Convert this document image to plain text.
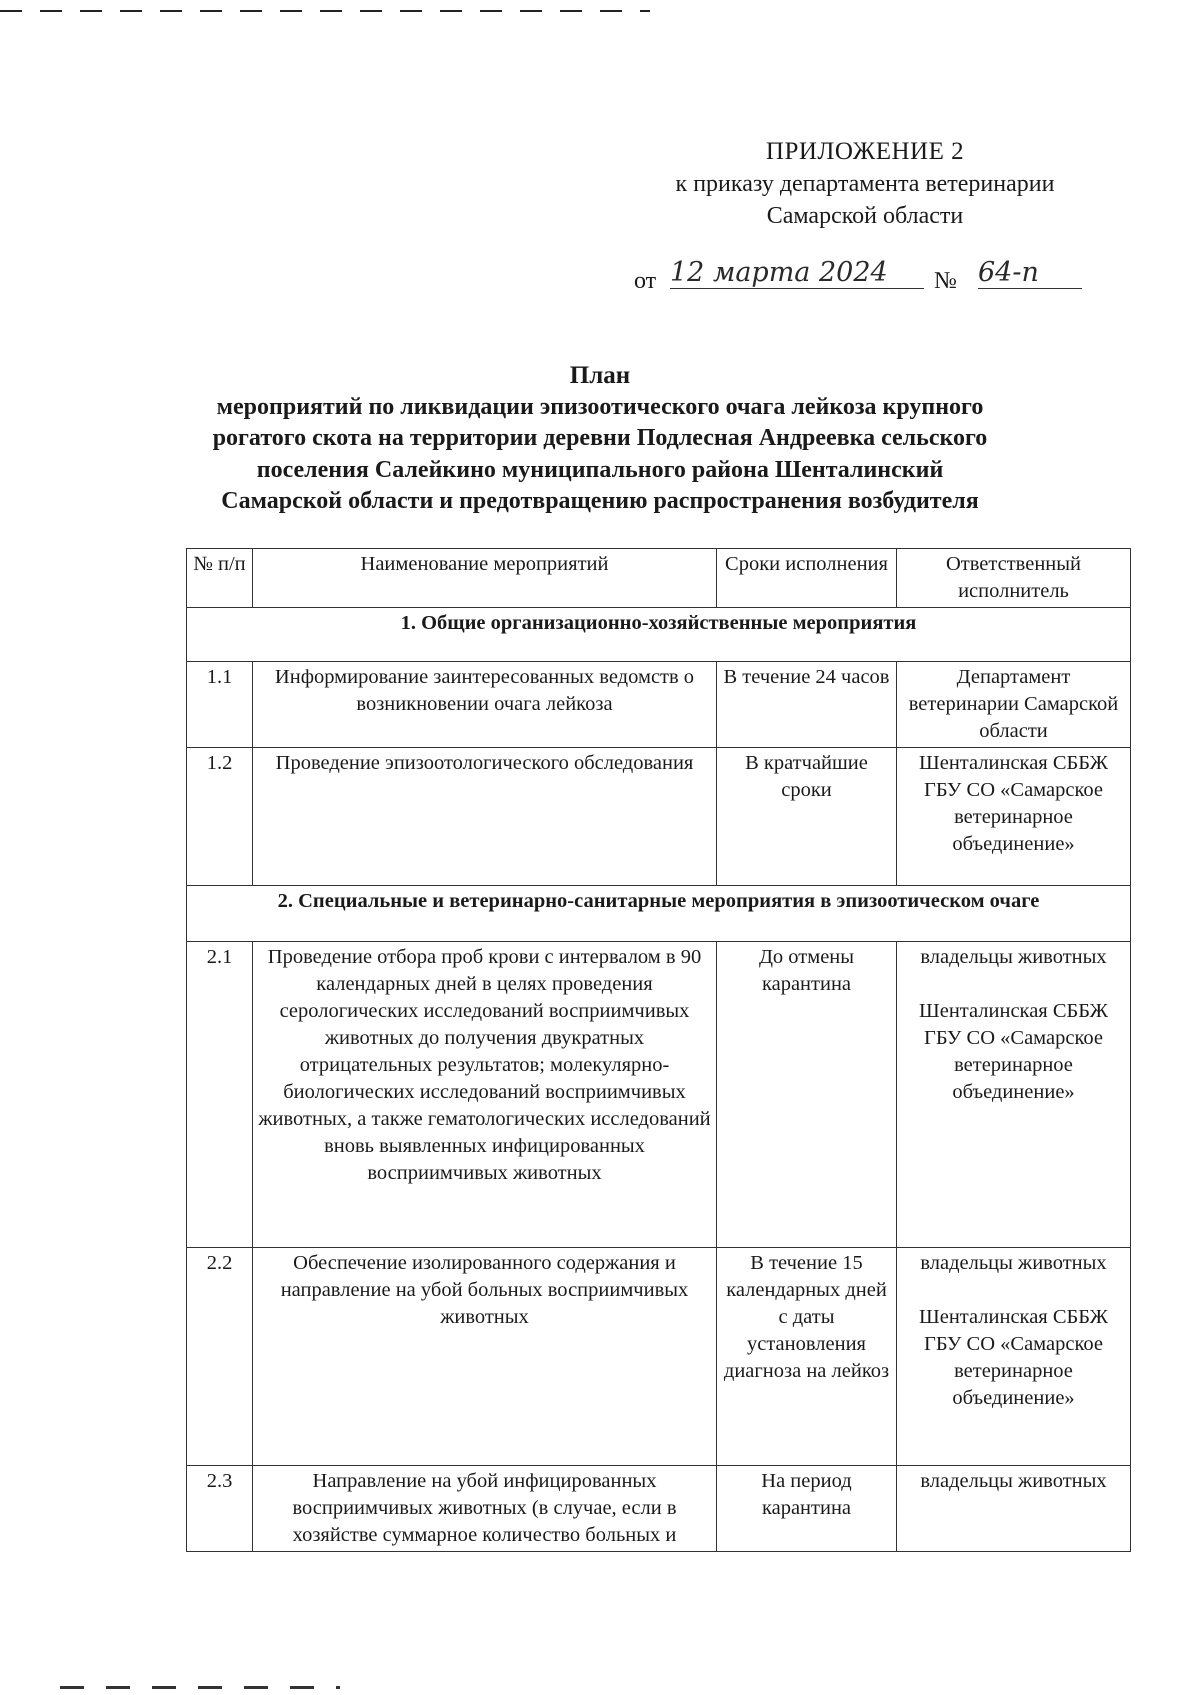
ПРИЛОЖЕНИЕ 2
к приказу департамента ветеринарии
Самарской области
от 12 марта 2024	№ 64-п
План
мероприятий по ликвидации эпизоотического очага лейкоза крупного
рогатого скота на территории деревни Подлесная Андреевка сельского
поселения Салейкино муниципального района Шенталинский
Самарской области и предотвращению распространения возбудителя
№ п/п	Наименование мероприятий	Сроки исполнения	Ответственный исполнитель
1. Общие организационно-хозяйственные мероприятия			
1.1	Информирование заинтересованных ведомств о возникновении очага лейкоза	В течение 24 часов	Департамент ветеринарии Самарской области
1.2	Проведение эпизоотологического обследования	В кратчайшие сроки	Шенталинская СББЖ ГБУ СО «Самарское ветеринарное объединение»
2. Специальные и ветеринарно-санитарные мероприятия в эпизоотическом очаге			
2.1	Проведение отбора проб крови с интервалом в 90 календарных дней в целях проведения серологических исследований восприимчивых животных до получения двукратных отрицательных результатов; молекулярно-биологических исследований восприимчивых животных, а также гематологических исследований вновь выявленных инфицированных восприимчивых животных	До отмены карантина	владельцы животных
Шенталинская СББЖ ГБУ СО «Самарское ветеринарное объединение»

2.2	Обеспечение изолированного содержания и направление на убой больных восприимчивых животных	В течение 15 календарных дней с даты установления диагноза на лейкоз	владельцы животных
Шенталинская СББЖ ГБУ СО «Самарское ветеринарное объединение»

2.3	Направление на убой инфицированных восприимчивых животных (в случае, если в хозяйстве суммарное количество больных и	На период карантина	владельцы животных
